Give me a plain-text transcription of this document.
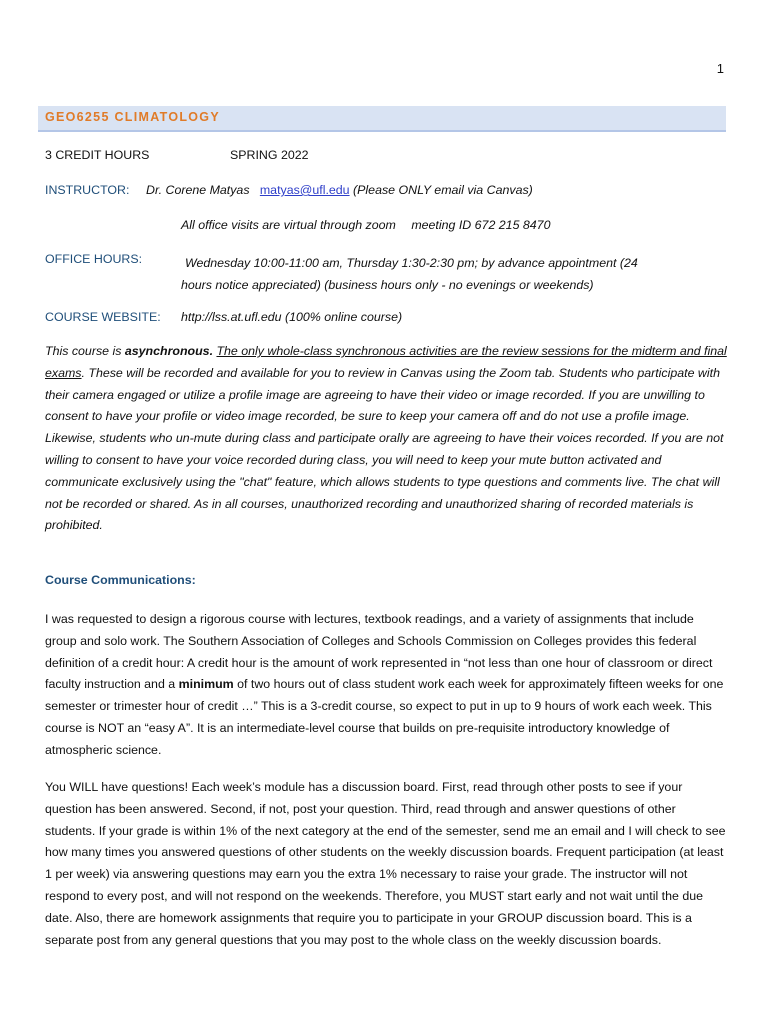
1
GEO6255 CLIMATOLOGY
3 CREDIT HOURS	SPRING 2022
INSTRUCTOR: Dr. Corene Matyas matyas@ufl.edu (Please ONLY email via Canvas)
All office visits are virtual through zoom meeting ID 672 215 8470
OFFICE HOURS:	Wednesday 10:00-11:00 am, Thursday 1:30-2:30 pm; by advance appointment (24
hours notice appreciated) (business hours only - no evenings or weekends)
COURSE WEBSITE: http://lss.at.ufl.edu (100% online course)

This course is asynchronous. The only whole-class synchronous activities are the review sessions for the midterm and final exams. These will be recorded and available for you to review in Canvas using the Zoom tab. Students who participate with their camera engaged or utilize a profile image are agreeing to have their video or image recorded. If you are unwilling to consent to have your profile or video image recorded, be sure to keep your camera off and do not use a profile image. Likewise, students who un-mute during class and participate orally are agreeing to have their voices recorded. If you are not willing to consent to have your voice recorded during class, you will need to keep your mute button activated and communicate exclusively using the "chat" feature, which allows students to type questions and comments live. The chat will not be recorded or shared. As in all courses, unauthorized recording and unauthorized sharing of recorded materials is prohibited.

Course Communications:

I was requested to design a rigorous course with lectures, textbook readings, and a variety of assignments that include group and solo work. The Southern Association of Colleges and Schools Commission on Colleges provides this federal definition of a credit hour: A credit hour is the amount of work represented in “not less than one hour of classroom or direct faculty instruction and a minimum of two hours out of class student work each week for approximately fifteen weeks for one semester or trimester hour of credit …” This is a 3-credit course, so expect to put in up to 9 hours of work each week. This course is NOT an “easy A”. It is an intermediate-level course that builds on pre-requisite introductory knowledge of atmospheric science.

You WILL have questions! Each week’s module has a discussion board. First, read through other posts to see if your question has been answered. Second, if not, post your question. Third, read through and answer questions of other students. If your grade is within 1% of the next category at the end of the semester, send me an email and I will check to see how many times you answered questions of other students on the weekly discussion boards. Frequent participation (at least 1 per week) via answering questions may earn you the extra 1% necessary to raise your grade. The instructor will not respond to every post, and will not respond on the weekends. Therefore, you MUST start early and not wait until the due date. Also, there are homework assignments that require you to participate in your GROUP discussion board. This is a separate post from any general questions that you may post to the whole class on the weekly discussion boards.
